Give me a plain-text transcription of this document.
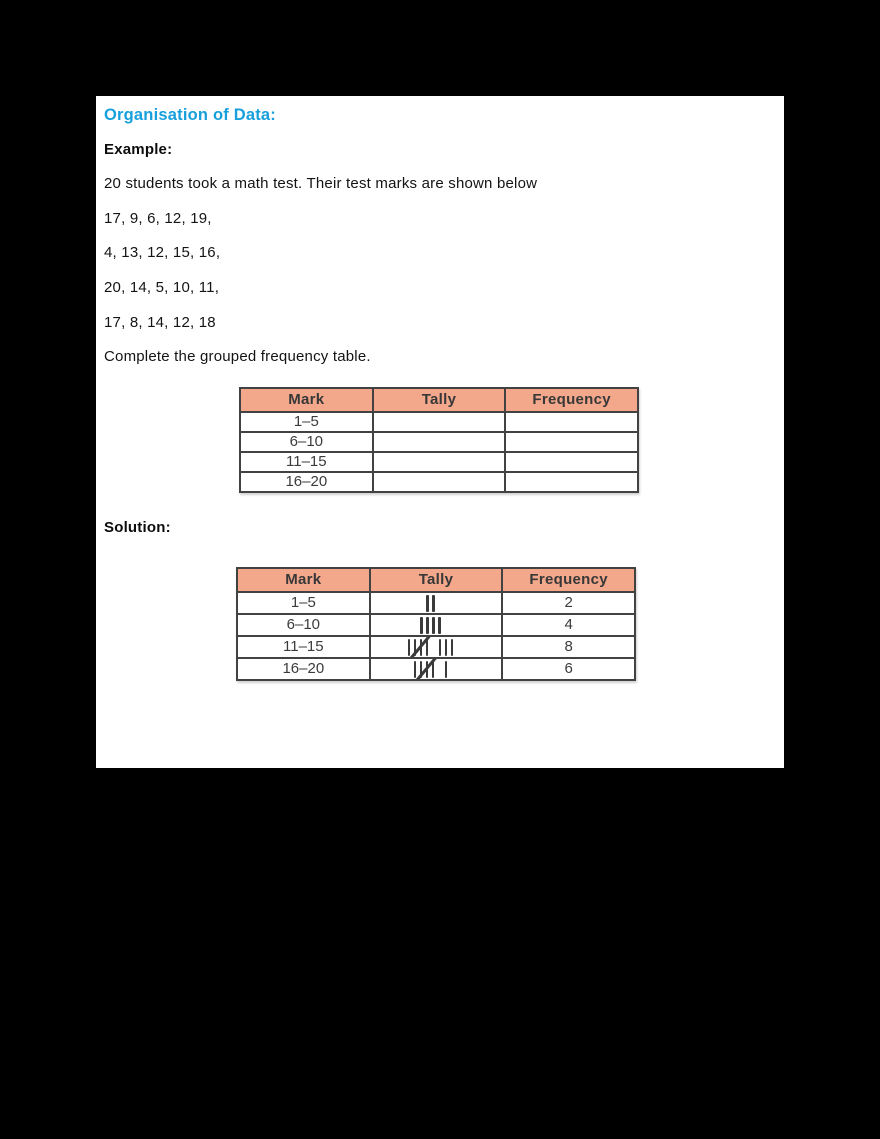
Organisation of Data:

Example:

20 students took a math test. Their test marks are shown below

17, 9, 6, 12, 19,

4, 13, 12, 15, 16,

20, 14, 5, 10, 11,

17, 8, 14, 12, 18

Complete the grouped frequency table.

Mark	Tally	Frequency
1–5		
6–10		
11–15		
16–20		

Solution:

Mark	Tally	Frequency
1–5		2
6–10		4
11–15		8
16–20		6
